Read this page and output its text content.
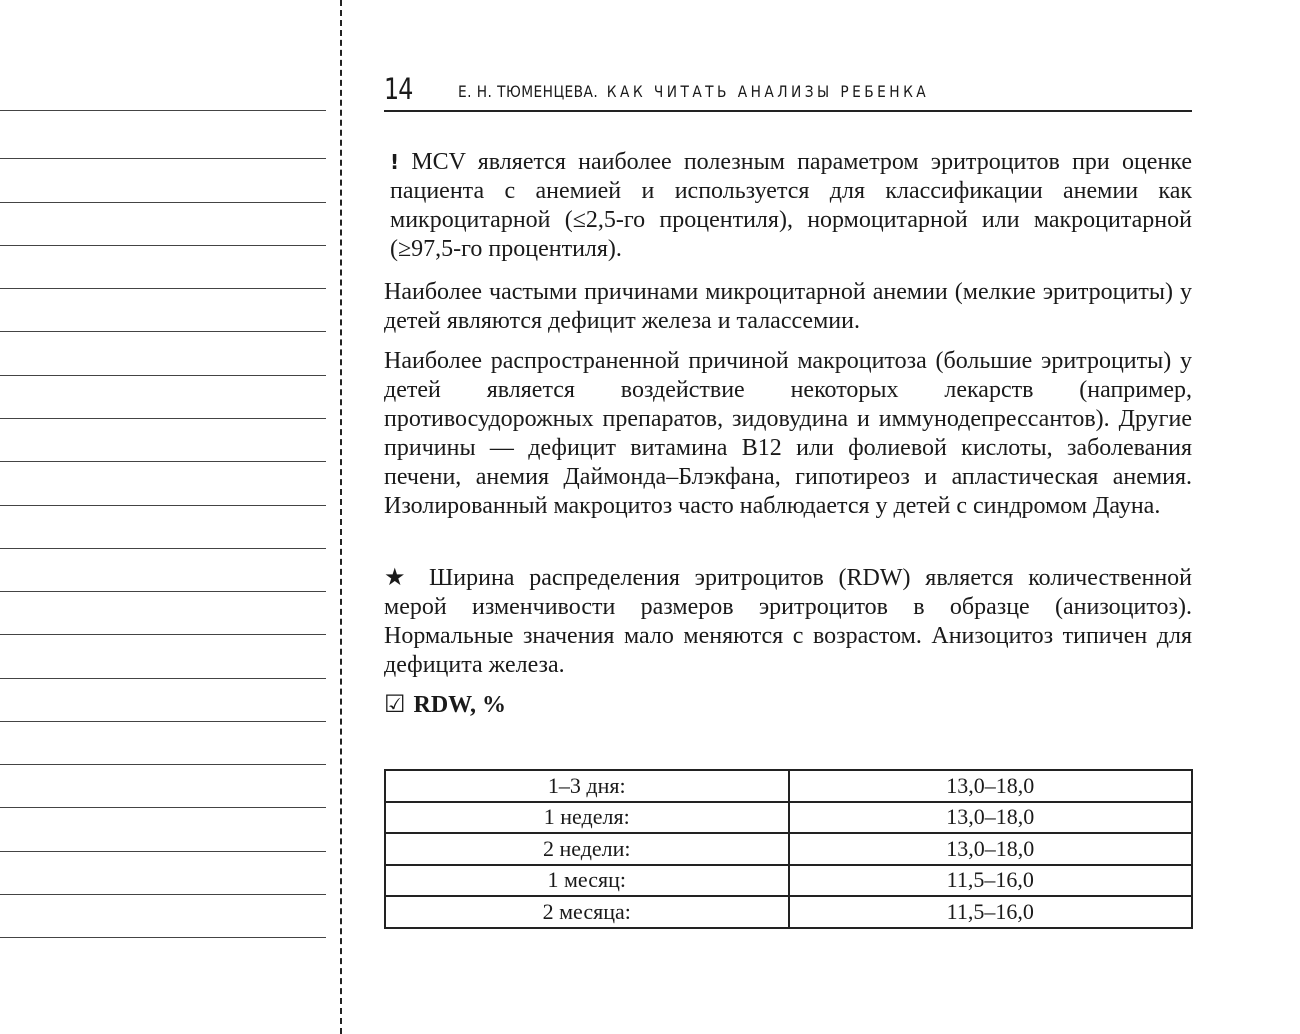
14	Е. Н. ТЮМЕНЦЕВА. КАК ЧИТАТЬ АНАЛИЗЫ РЕБЕНКА
! MCV является наиболее полезным параметром эритроцитов при оценке пациента с анемией и используется для классификации анемии как микроцитарной (≤2,5-го процентиля), нормоцитарной или макроцитарной (≥97,5-го процентиля).
Наиболее частыми причинами микроцитарной анемии (мелкие эритроциты) у детей являются дефицит железа и талассемии.
Наиболее распространенной причиной макроцитоза (большие эритроциты) у детей является воздействие некоторых лекарств (например, противосудорожных препаратов, зидовудина и иммунодепрессантов). Другие причины — дефицит витамина В12 или фолиевой кислоты, заболевания печени, анемия Даймонда–Блэкфана, гипотиреоз и апластическая анемия. Изолированный макроцитоз часто наблюдается у детей с синдромом Дауна.
★ Ширина распределения эритроцитов (RDW) является количественной мерой изменчивости размеров эритроцитов в образце (анизоцитоз). Нормальные значения мало меняются с возрастом. Анизоцитоз типичен для дефицита железа.
☑ RDW, %
1–3 дня:	13,0–18,0
1 неделя:	13,0–18,0
2 недели:	13,0–18,0
1 месяц:	11,5–16,0
2 месяца:	11,5–16,0
